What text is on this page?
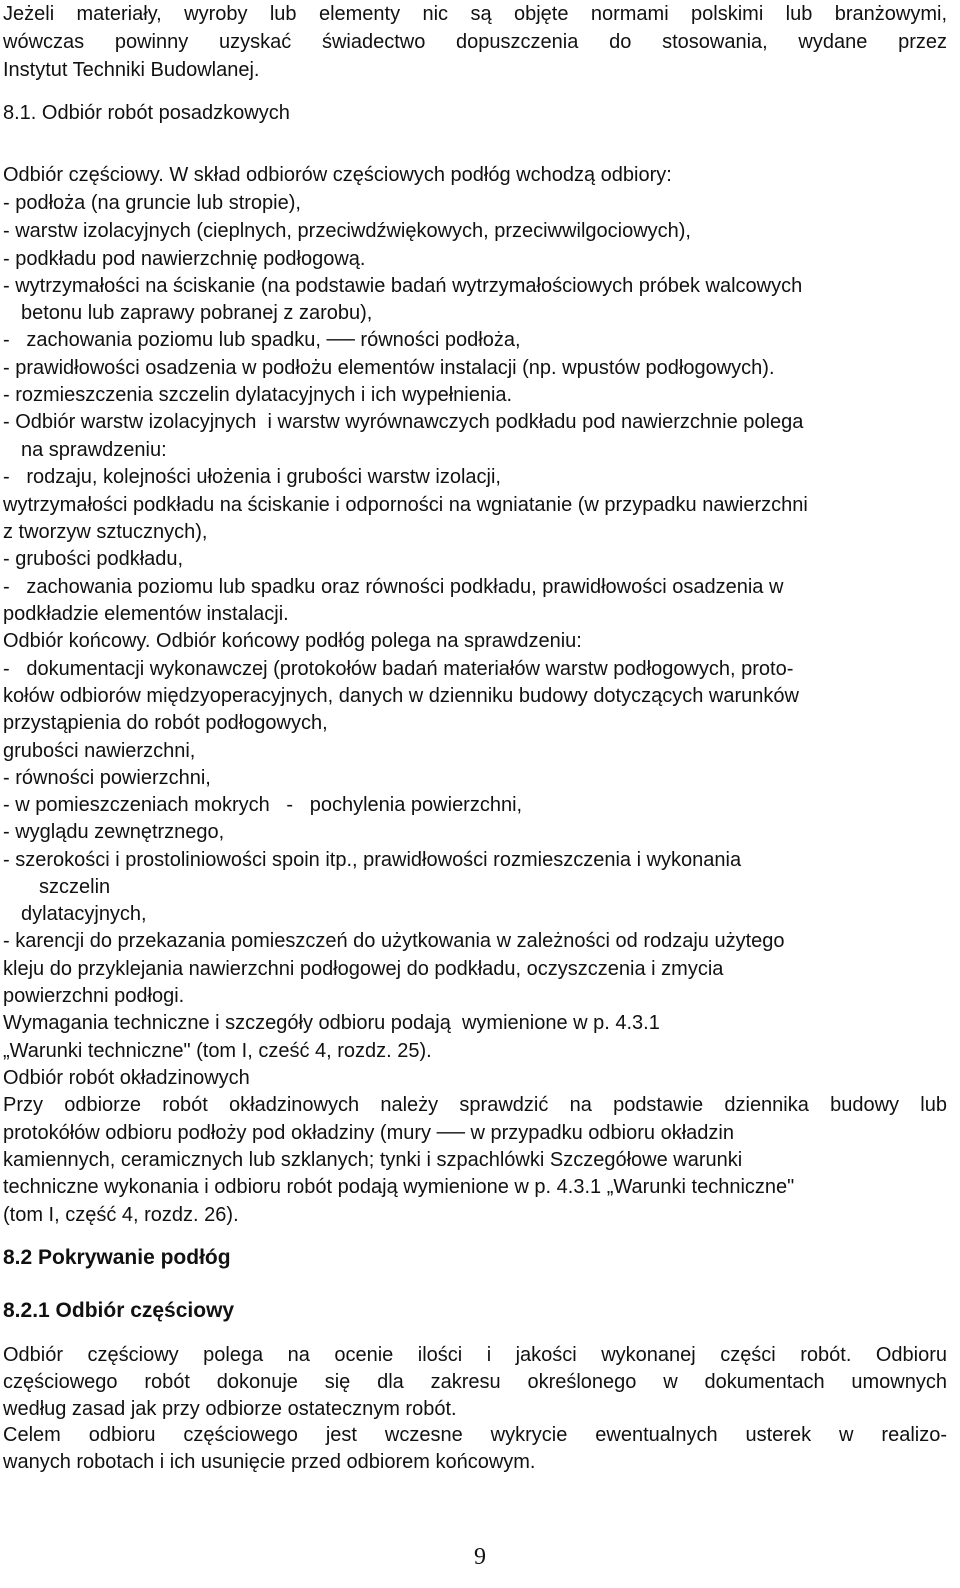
Jeżeli materiały, wyroby lub elementy nic są objęte normami polskimi lub branżowymi,

wówczas powinny uzyskać świadectwo dopuszczenia do stosowania, wydane przez

Instytut Techniki Budowlanej.

8.1. Odbiór robót posadzkowych

Odbiór częściowy. W skład odbiorów częściowych podłóg wchodzą odbiory:

- podłoża (na gruncie lub stropie),

- warstw izolacyjnych (cieplnych, przeciwdźwiękowych, przeciwwilgociowych),

- podkładu pod nawierzchnię podłogową.

- wytrzymałości na ściskanie (na podstawie badań wytrzymałościowych próbek walcowych

betonu lub zaprawy pobranej z zarobu),

-   zachowania poziomu lub spadku, ── równości podłoża,

- prawidłowości osadzenia w podłożu elementów instalacji (np. wpustów podłogowych).

- rozmieszczenia szczelin dylatacyjnych i ich wypełnienia.

- Odbiór warstw izolacyjnych  i warstw wyrównawczych podkładu pod nawierzchnie polega

na sprawdzeniu:

-   rodzaju, kolejności ułożenia i grubości warstw izolacji,

wytrzymałości podkładu na ściskanie i odporności na wgniatanie (w przypadku nawierzchni

z tworzyw sztucznych),

- grubości podkładu,

-   zachowania poziomu lub spadku oraz równości podkładu, prawidłowości osadzenia w

podkładzie elementów instalacji.

Odbiór końcowy. Odbiór końcowy podłóg polega na sprawdzeniu:

-   dokumentacji wykonawczej (protokołów badań materiałów warstw podłogowych, proto-

kołów odbiorów międzyoperacyjnych, danych w dzienniku budowy dotyczących warunków

przystąpienia do robót podłogowych,

grubości nawierzchni,

- równości powierzchni,

- w pomieszczeniach mokrych   -   pochylenia powierzchni,

- wyglądu zewnętrznego,

- szerokości i prostoliniowości spoin itp., prawidłowości rozmieszczenia i wykonania

szczelin

dylatacyjnych,

- karencji do przekazania pomieszczeń do użytkowania w zależności od rodzaju użytego

kleju do przyklejania nawierzchni podłogowej do podkładu, oczyszczenia i zmycia

powierzchni podłogi.

Wymagania techniczne i szczegóły odbioru podają  wymienione w p. 4.3.1

„Warunki techniczne" (tom I, cześć 4, rozdz. 25).

Odbiór robót okładzinowych

Przy odbiorze robót okładzinowych należy sprawdzić na podstawie dziennika budowy lub

protokółów odbioru podłoży pod okładziny (mury ── w przypadku odbioru okładzin

kamiennych, ceramicznych lub szklanych; tynki i szpachlówki Szczegółowe warunki

techniczne wykonania i odbioru robót podają wymienione w p. 4.3.1 „Warunki techniczne"

(tom I, część 4, rozdz. 26).

8.2 Pokrywanie podłóg

8.2.1 Odbiór częściowy

Odbiór częściowy polega na ocenie ilości i jakości wykonanej części robót. Odbioru

częściowego robót dokonuje się dla zakresu określonego w dokumentach umownych

według zasad jak przy odbiorze ostatecznym robót.

Celem odbioru częściowego jest wczesne wykrycie ewentualnych usterek w realizo-

wanych robotach i ich usunięcie przed odbiorem końcowym.

9
